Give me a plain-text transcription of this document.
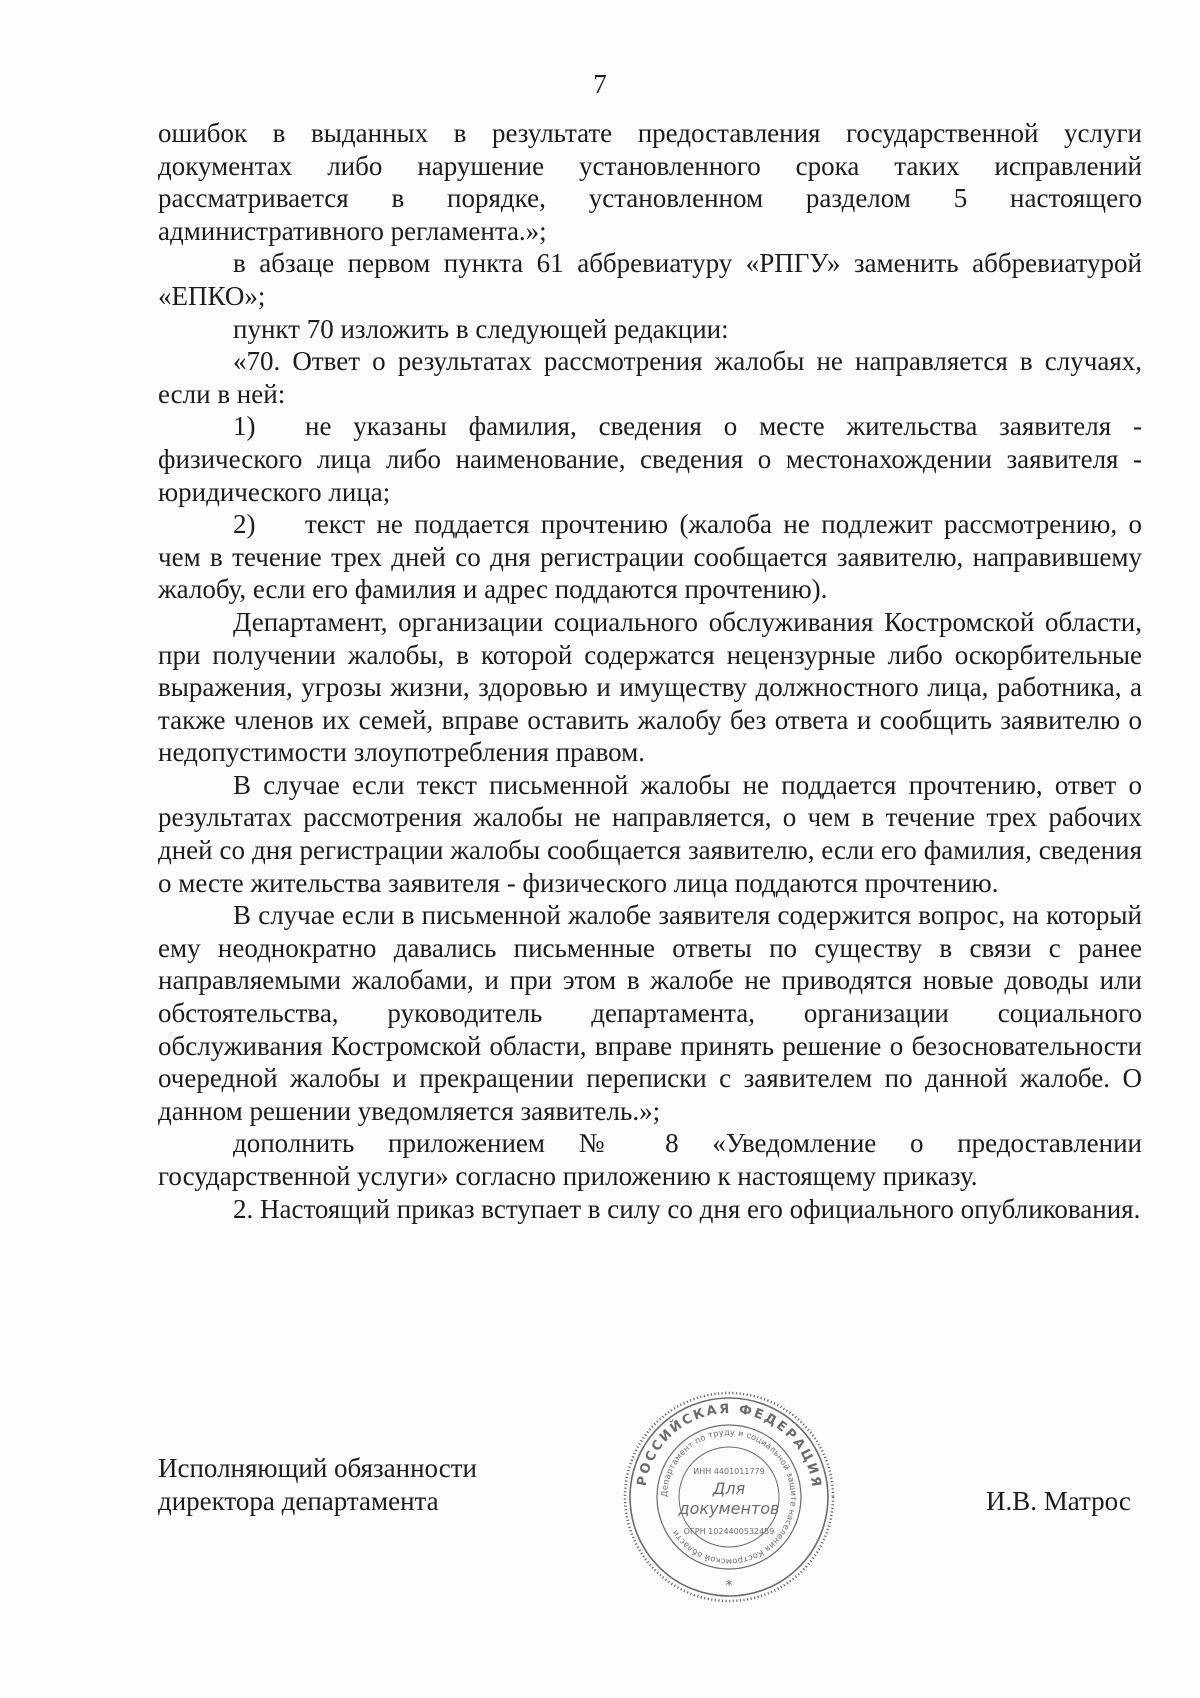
7

ошибок в выданных в результате предоставления государственной услуги документах либо нарушение установленного срока таких исправлений рассматривается в порядке, установленном разделом 5 настоящего административного регламента.»;

в абзаце первом пункта 61 аббревиатуру «РПГУ» заменить аббревиатурой «ЕПКО»;

пункт 70 изложить в следующей редакции:

«70. Ответ о результатах рассмотрения жалобы не направляется в случаях, если в ней:

1) не указаны фамилия, сведения о месте жительства заявителя - физического лица либо наименование, сведения о местонахождении заявителя - юридического лица;

2) текст не поддается прочтению (жалоба не подлежит рассмотрению, о чем в течение трех дней со дня регистрации сообщается заявителю, направившему жалобу, если его фамилия и адрес поддаются прочтению).

Департамент, организации социального обслуживания Костромской области, при получении жалобы, в которой содержатся нецензурные либо оскорбительные выражения, угрозы жизни, здоровью и имуществу должностного лица, работника, а также членов их семей, вправе оставить жалобу без ответа и сообщить заявителю о недопустимости злоупотребления правом.

В случае если текст письменной жалобы не поддается прочтению, ответ о результатах рассмотрения жалобы не направляется, о чем в течение трех рабочих дней со дня регистрации жалобы сообщается заявителю, если его фамилия, сведения о месте жительства заявителя - физического лица поддаются прочтению.

В случае если в письменной жалобе заявителя содержится вопрос, на который ему неоднократно давались письменные ответы по существу в связи с ранее направляемыми жалобами, и при этом в жалобе не приводятся новые доводы или обстоятельства, руководитель департамента, организации социального обслуживания Костромской области, вправе принять решение о безосновательности очередной жалобы и прекращении переписки с заявителем по данной жалобе. О данном решении уведомляется заявитель.»;

дополнить приложением № 8 «Уведомление о предоставлении государственной услуги» согласно приложению к настоящему приказу.

2. Настоящий приказ вступает в силу со дня его официального опубликования.

Исполняющий обязанности
директора департамента
РОССИЙСКАЯ ФЕДЕРАЦИЯ
Департамент по труду и социальной защите населения Костромской области
ИНН 4401011779
Для
документов
ОГРН 1024400532459
*
И.В. Матрос
